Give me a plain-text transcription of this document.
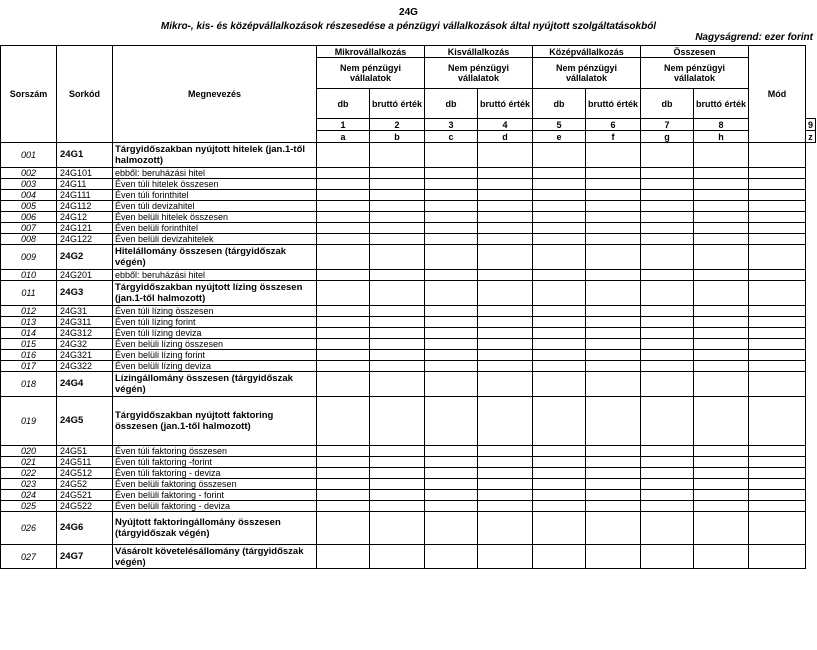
24G
Mikro-, kis- és középvállalkozások részesedése a pénzügyi vállalkozások által nyújtott szolgáltatásokból
Nagyságrend: ezer forint
Sorszám	Sorkód	Megnevezés	Mikrovállalkozás		Kisvállalkozás		Középvállalkozás		Összesen		Mód	
			Nem pénzügyi vállalatok		Nem pénzügyi vállalatok		Nem pénzügyi vállalatok		Nem pénzügyi vállalatok			
			db	bruttó érték	db	bruttó érték	db	bruttó érték	db	bruttó érték		
			1	2	3	4	5	6	7	8		9
			a	b	c	d	e	f	g	h		z
001	24G1	Tárgyidőszakban nyújtott hitelek (jan.1-től halmozott)										
002	24G101	ebből: beruházási hitel										
003	24G11	Éven túli hitelek összesen										
004	24G111	Éven túli forinthitel										
005	24G112	Éven túli devizahitel										
006	24G12	Éven belüli hitelek összesen										
007	24G121	Éven belüli forinthitel										
008	24G122	Éven belüli devizahitelek										
009	24G2	Hitelállomány összesen (tárgyidőszak végén)										
010	24G201	ebből: beruházási hitel										
011	24G3	Tárgyidőszakban nyújtott lízing összesen (jan.1-től halmozott)										
012	24G31	Éven túli lízing összesen										
013	24G311	Éven túli lízing forint										
014	24G312	Éven túli lízing deviza										
015	24G32	Éven belüli lízing összesen										
016	24G321	Éven belüli lízing forint										
017	24G322	Éven belüli lízing deviza										
018	24G4	Lízingállomány összesen (tárgyidőszak végén)										
019	24G5	Tárgyidőszakban nyújtott faktoring összesen (jan.1-től halmozott)										
020	24G51	Éven túli faktoring összesen										
021	24G511	Éven túli faktoring -forint										
022	24G512	Éven túli faktoring - deviza										
023	24G52	Éven belüli faktoring összesen										
024	24G521	Éven belüli faktoring - forint										
025	24G522	Éven belüli faktoring - deviza										
026	24G6	Nyújtott faktoringállomány összesen (tárgyidőszak végén)										
027	24G7	Vásárolt követelésállomány (tárgyidőszak végén)										
